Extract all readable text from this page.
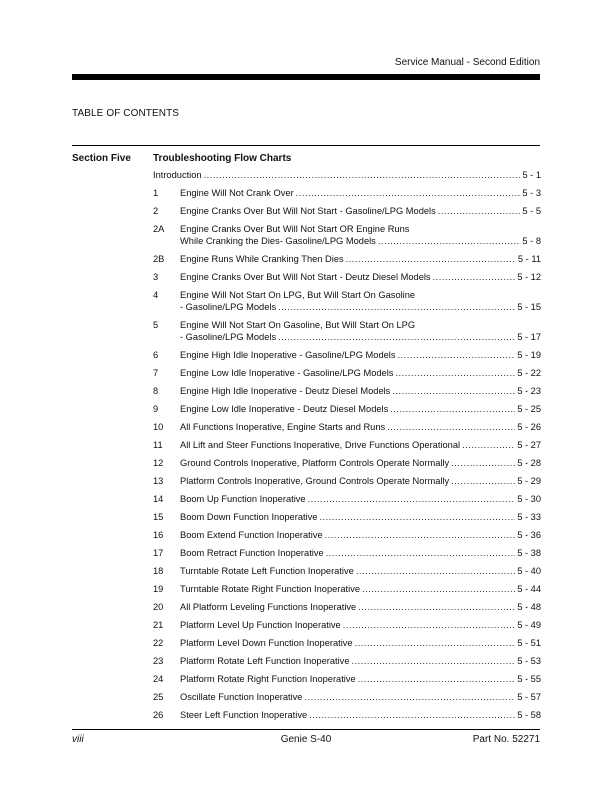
Service Manual - Second Edition
TABLE OF CONTENTS
Section Five Troubleshooting Flow Charts
Introduction .....	5 - 1
1 Engine Will Not Crank Over .....	5 - 3
2 Engine Cranks Over But Will Not Start - Gasoline/LPG Models .....	5 - 5
2A Engine Cranks Over But Will Not Start OR Engine Runs
While Cranking the Dies- Gasoline/LPG Models .....	5 - 8
2B Engine Runs While Cranking Then Dies .....	5 - 11
3 Engine Cranks Over But Will Not Start - Deutz Diesel Models .....	5 - 12
4 Engine Will Not Start On LPG, But Will Start On Gasoline
- Gasoline/LPG Models .....	5 - 15
5 Engine Will Not Start On Gasoline, But Will Start On LPG
- Gasoline/LPG Models .....	5 - 17
6 Engine High Idle Inoperative - Gasoline/LPG Models .....	5 - 19
7 Engine Low Idle Inoperative - Gasoline/LPG Models .....	5 - 22
8 Engine High Idle Inoperative - Deutz Diesel Models .....	5 - 23
9 Engine Low Idle Inoperative - Deutz Diesel Models .....	5 - 25
10 All Functions Inoperative, Engine Starts and Runs .....	5 - 26
11 All Lift and Steer Functions Inoperative, Drive Functions Operational .....	5 - 27
12 Ground Controls Inoperative, Platform Controls Operate Normally .....	5 - 28
13 Platform Controls Inoperative, Ground Controls Operate Normally .....	5 - 29
14 Boom Up Function Inoperative .....	5 - 30
15 Boom Down Function Inoperative .....	5 - 33
16 Boom Extend Function Inoperative .....	5 - 36
17 Boom Retract Function Inoperative .....	5 - 38
18 Turntable Rotate Left Function Inoperative .....	5 - 40
19 Turntable Rotate Right Function Inoperative .....	5 - 44
20 All Platform Leveling Functions Inoperative .....	5 - 48
21 Platform Level Up Function Inoperative .....	5 - 49
22 Platform Level Down Function Inoperative .....	5 - 51
23 Platform Rotate Left Function Inoperative .....	5 - 53
24 Platform Rotate Right Function Inoperative .....	5 - 55
25 Oscillate Function Inoperative .....	5 - 57
26 Steer Left Function Inoperative .....	5 - 58
viii	Genie S-40	Part No. 52271
